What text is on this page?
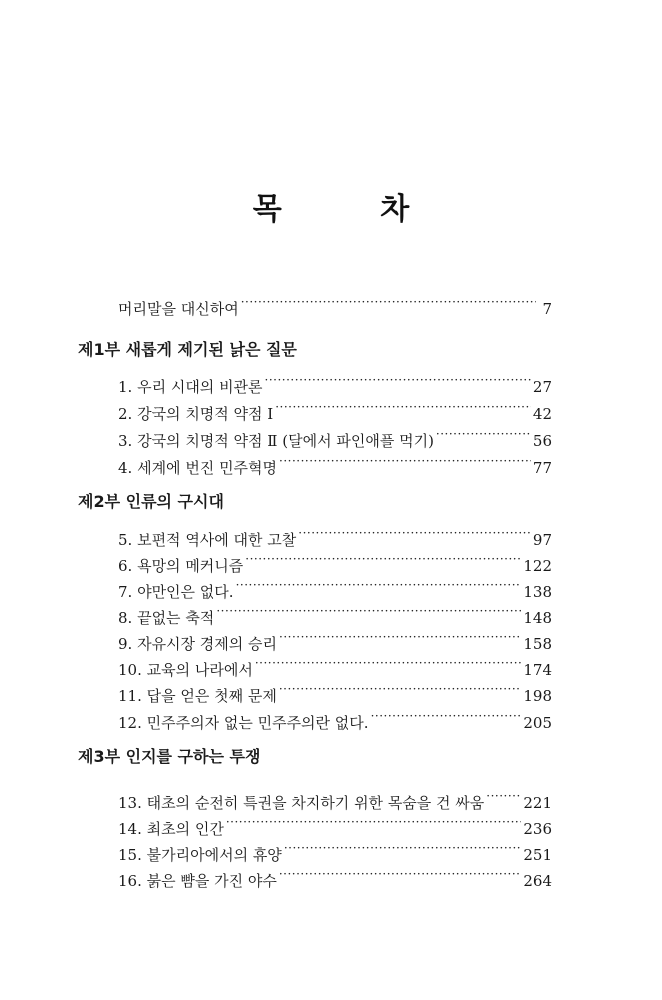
목 차
머리말을 대신하여 ·····	7
제1부 새롭게 제기된 낡은 질문
1. 우리 시대의 비관론 ·····	27
2. 강국의 치명적 약점 Ⅰ ·····	42
3. 강국의 치명적 약점 Ⅱ (달에서 파인애플 먹기) ·····	56
4. 세계에 번진 민주혁명 ·····	77
제2부 인류의 구시대
5. 보편적 역사에 대한 고찰 ·····	97
6. 욕망의 메커니즘 ·····	122
7. 야만인은 없다. ·····	138
8. 끝없는 축적 ·····	148
9. 자유시장 경제의 승리 ·····	158
10. 교육의 나라에서 ·····	174
11. 답을 얻은 첫째 문제 ·····	198
12. 민주주의자 없는 민주주의란 없다. ·····	205
제3부 인지를 구하는 투쟁
13. 태초의 순전히 특권을 차지하기 위한 목숨을 건 싸움 ·····	221
14. 최초의 인간 ·····	236
15. 불가리아에서의 휴양 ·····	251
16. 붉은 뺨을 가진 야수 ·····	264
